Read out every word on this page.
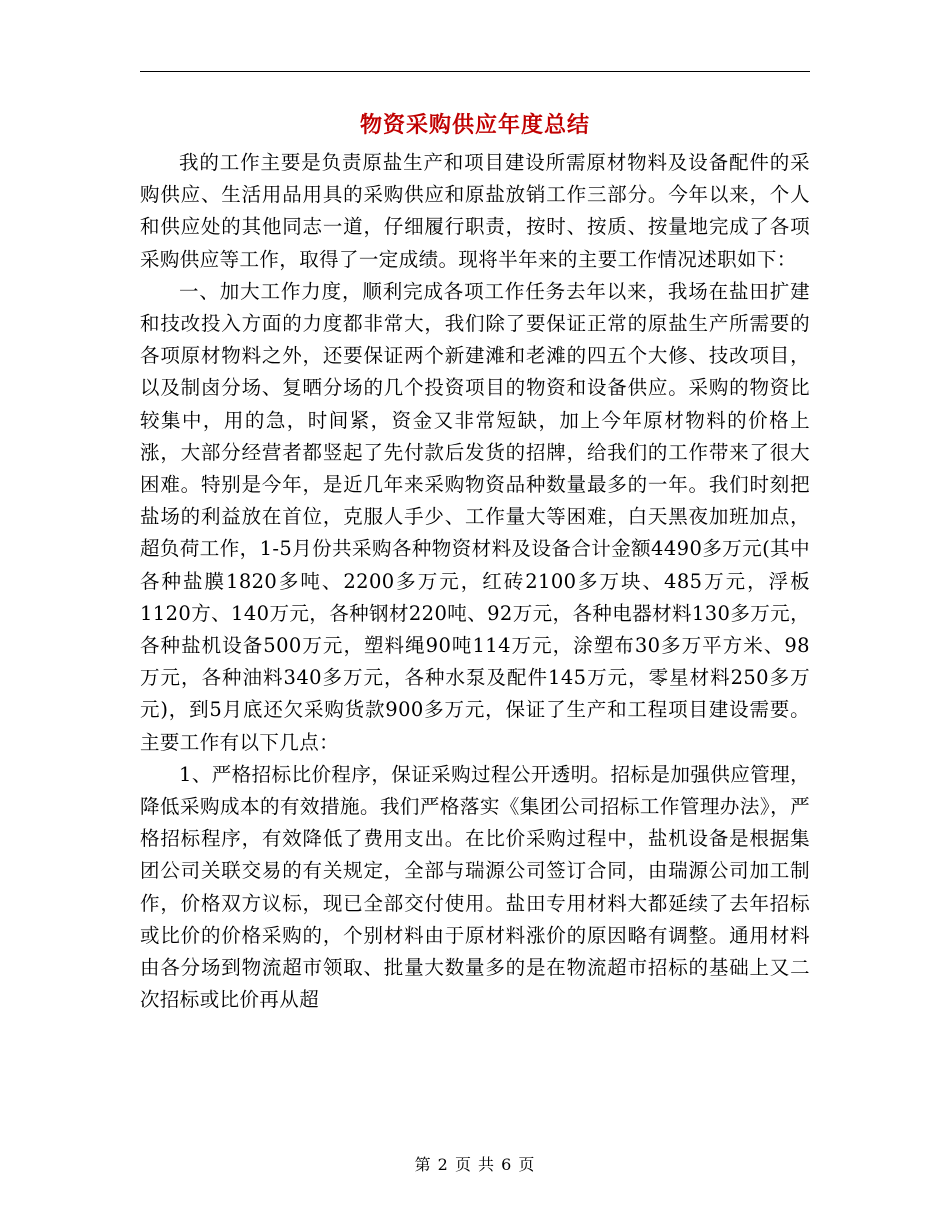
物资采购供应年度总结

我的工作主要是负责原盐生产和项目建设所需原材物料及设备配件的采购供应、生活用品用具的采购供应和原盐放销工作三部分。今年以来，个人和供应处的其他同志一道，仔细履行职责，按时、按质、按量地完成了各项采购供应等工作，取得了一定成绩。现将半年来的主要工作情况述职如下：

一、加大工作力度，顺利完成各项工作任务去年以来，我场在盐田扩建和技改投入方面的力度都非常大，我们除了要保证正常的原盐生产所需要的各项原材物料之外，还要保证两个新建滩和老滩的四五个大修、技改项目，以及制卤分场、复晒分场的几个投资项目的物资和设备供应。采购的物资比较集中，用的急，时间紧，资金又非常短缺，加上今年原材物料的价格上涨，大部分经营者都竖起了先付款后发货的招牌，给我们的工作带来了很大困难。特别是今年，是近几年来采购物资品种数量最多的一年。我们时刻把盐场的利益放在首位，克服人手少、工作量大等困难，白天黑夜加班加点，超负荷工作，1-5月份共采购各种物资材料及设备合计金额4490多万元(其中各种盐膜1820多吨、2200多万元，红砖2100多万块、485万元，浮板1120方、140万元，各种钢材220吨、92万元，各种电器材料130多万元，各种盐机设备500万元，塑料绳90吨114万元，涂塑布30多万平方米、98万元，各种油料340多万元，各种水泵及配件145万元，零星材料250多万元)，到5月底还欠采购货款900多万元，保证了生产和工程项目建设需要。主要工作有以下几点：

1、严格招标比价程序，保证采购过程公开透明。招标是加强供应管理，降低采购成本的有效措施。我们严格落实《集团公司招标工作管理办法》，严格招标程序，有效降低了费用支出。在比价采购过程中，盐机设备是根据集团公司关联交易的有关规定，全部与瑞源公司签订合同，由瑞源公司加工制作，价格双方议标，现已全部交付使用。盐田专用材料大都延续了去年招标或比价的价格采购的，个别材料由于原材料涨价的原因略有调整。通用材料由各分场到物流超市领取、批量大数量多的是在物流超市招标的基础上又二次招标或比价再从超

第 2 页 共 6 页
